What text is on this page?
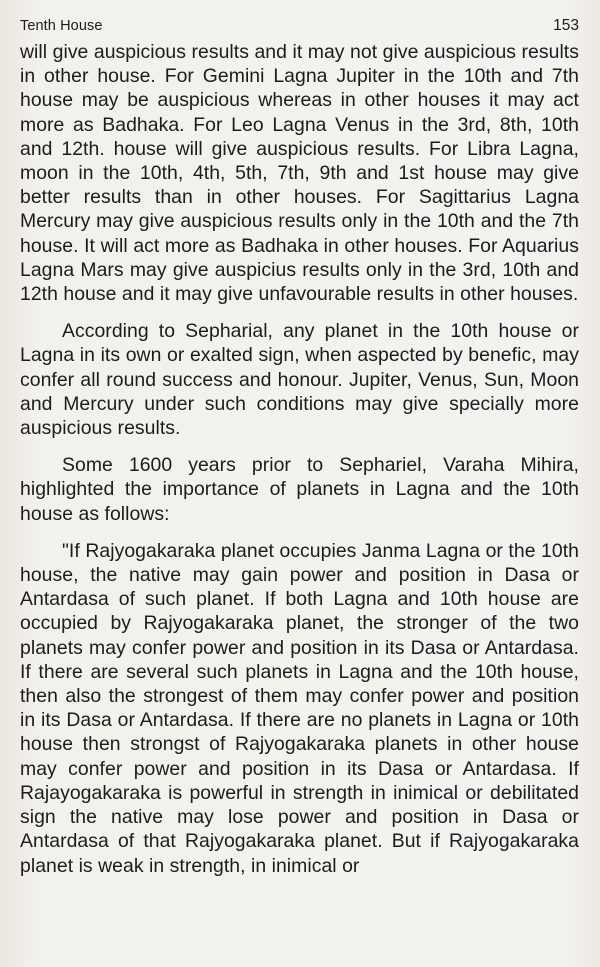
Tenth House	153

will give auspicious results and it may not give auspicious results in other house. For Gemini Lagna Jupiter in the 10th and 7th house may be auspicious whereas in other houses it may act more as Badhaka. For Leo Lagna Venus in the 3rd, 8th, 10th and 12th. house will give auspicious results. For Libra Lagna, moon in the 10th, 4th, 5th, 7th, 9th and 1st house may give better results than in other houses. For Sagittarius Lagna Mercury may give auspicious results only in the 10th and the 7th house. It will act more as Badhaka in other houses. For Aquarius Lagna Mars may give auspicius results only in the 3rd, 10th and 12th house and it may give unfavourable results in other houses.

According to Sepharial, any planet in the 10th house or Lagna in its own or exalted sign, when aspected by benefic, may confer all round success and honour. Jupiter, Venus, Sun, Moon and Mercury under such conditions may give specially more auspicious results.

Some 1600 years prior to Sephariel, Varaha Mihira, highlighted the importance of planets in Lagna and the 10th house as follows:

"If Rajyogakaraka planet occupies Janma Lagna or the 10th house, the native may gain power and position in Dasa or Antardasa of such planet. If both Lagna and 10th house are occupied by Rajyogakaraka planet, the stronger of the two planets may confer power and position in its Dasa or Antardasa. If there are several such planets in Lagna and the 10th house, then also the strongest of them may confer power and position in its Dasa or Antardasa. If there are no planets in Lagna or 10th house then strongst of Rajyogakaraka planets in other house may confer power and position in its Dasa or Antardasa. If Rajayogakaraka is powerful in strength in inimical or debilitated sign the native may lose power and position in Dasa or Antardasa of that Rajyogakaraka planet. But if Rajyogakaraka planet is weak in strength, in inimical or
